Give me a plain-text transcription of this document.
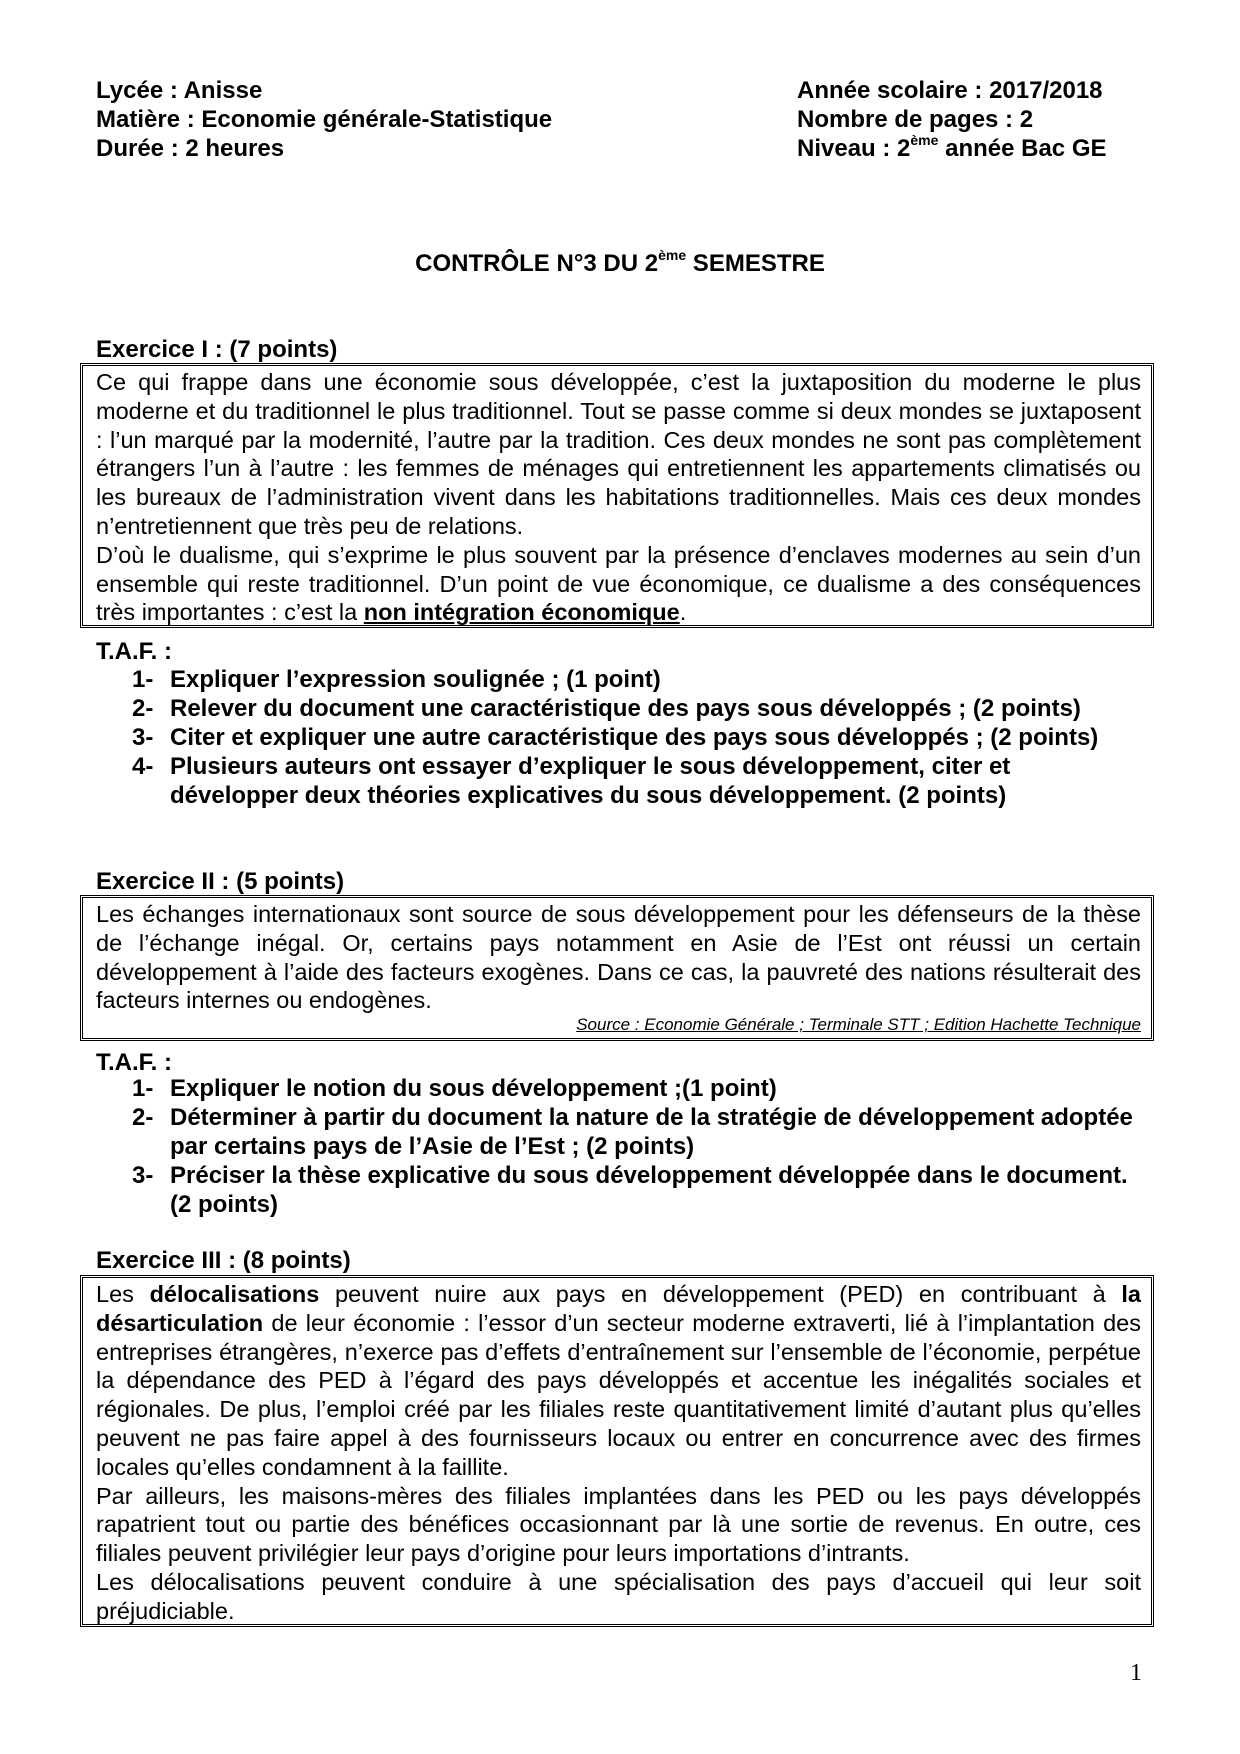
Lycée : Anisse
Matière : Economie générale-Statistique
Durée : 2 heures
Année scolaire : 2017/2018
Nombre de pages : 2
Niveau : 2ème année Bac GE
CONTRÔLE N°3 DU 2ème SEMESTRE
Exercice I : (7 points)

Ce qui frappe dans une économie sous développée, c’est la juxtaposition du moderne le plus moderne et du traditionnel le plus traditionnel. Tout se passe comme si deux mondes se juxtaposent : l’un marqué par la modernité, l’autre par la tradition. Ces deux mondes ne sont pas complètement étrangers l’un à l’autre : les femmes de ménages qui entretiennent les appartements climatisés ou les bureaux de l’administration vivent dans les habitations traditionnelles. Mais ces deux mondes n’entretiennent que très peu de relations.

D’où le dualisme, qui s’exprime le plus souvent par la présence d’enclaves modernes au sein d’un ensemble qui reste traditionnel. D’un point de vue économique, ce dualisme a des conséquences très importantes : c’est la non intégration économique.

T.A.F. :
1- Expliquer l’expression soulignée ; (1 point)
2- Relever du document une caractéristique des pays sous développés ; (2 points)
3- Citer et expliquer une autre caractéristique des pays sous développés ; (2 points)
4- Plusieurs auteurs ont essayer d’expliquer le sous développement, citer et développer deux théories explicatives du sous développement. (2 points)
Exercice II : (5 points)

Les échanges internationaux sont source de sous développement pour les défenseurs de la thèse de l’échange inégal. Or, certains pays notamment en Asie de l’Est ont réussi un certain développement à l’aide des facteurs exogènes. Dans ce cas, la pauvreté des nations résulterait des facteurs internes ou endogènes.

Source : Economie Générale ; Terminale STT ; Edition Hachette Technique

T.A.F. :
1- Expliquer le notion du sous développement ;(1 point)
2- Déterminer à partir du document la nature de la stratégie de développement adoptée par certains pays de l’Asie de l’Est ; (2 points)
3- Préciser la thèse explicative du sous développement développée dans le document. (2 points)
Exercice III : (8 points)

Les délocalisations peuvent nuire aux pays en développement (PED) en contribuant à la désarticulation de leur économie : l’essor d’un secteur moderne extraverti, lié à l’implantation des entreprises étrangères, n’exerce pas d’effets d’entraînement sur l’ensemble de l’économie, perpétue la dépendance des PED à l’égard des pays développés et accentue les inégalités sociales et régionales. De plus, l’emploi créé par les filiales reste quantitativement limité d’autant plus qu’elles peuvent ne pas faire appel à des fournisseurs locaux ou entrer en concurrence avec des firmes locales qu’elles condamnent à la faillite.

Par ailleurs, les maisons-mères des filiales implantées dans les PED ou les pays développés rapatrient tout ou partie des bénéfices occasionnant par là une sortie de revenus. En outre, ces filiales peuvent privilégier leur pays d’origine pour leurs importations d’intrants.

Les délocalisations peuvent conduire à une spécialisation des pays d’accueil qui leur soit préjudiciable.

1
